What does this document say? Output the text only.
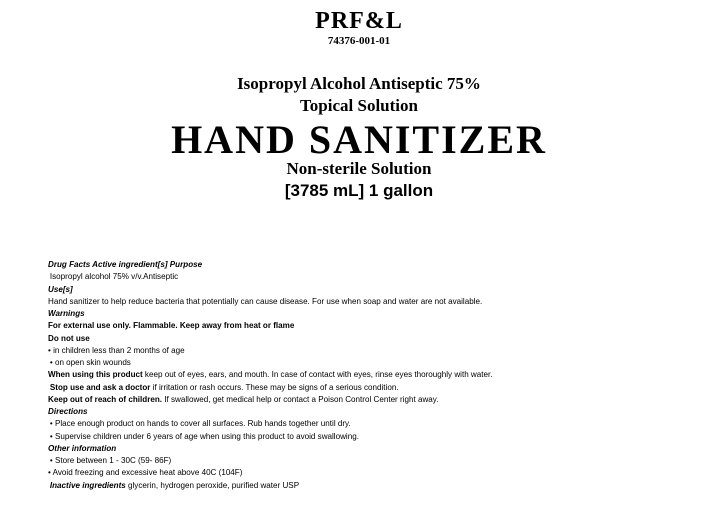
PRF&L
74376-001-01
Isopropyl Alcohol Antiseptic 75%
Topical Solution
HAND SANITIZER
Non-sterile Solution
[3785 mL] 1 gallon
Drug Facts Active ingredient[s] Purpose
Isopropyl alcohol 75% v/v.Antiseptic
Use[s]
Hand sanitizer to help reduce bacteria that potentially can cause disease. For use when soap and water are not available.
Warnings
For external use only. Flammable. Keep away from heat or flame
Do not use
• in children less than 2 months of age
• on open skin wounds
When using this product keep out of eyes, ears, and mouth. In case of contact with eyes, rinse eyes thoroughly with water.
Stop use and ask a doctor if irritation or rash occurs. These may be signs of a serious condition.
Keep out of reach of children. If swallowed, get medical help or contact a Poison Control Center right away.
Directions
• Place enough product on hands to cover all surfaces. Rub hands together until dry.
• Supervise children under 6 years of age when using this product to avoid swallowing.
Other information
• Store between 1 - 30C (59- 86F)
• Avoid freezing and excessive heat above 40C (104F)
Inactive ingredients glycerin, hydrogen peroxide, purified water USP
